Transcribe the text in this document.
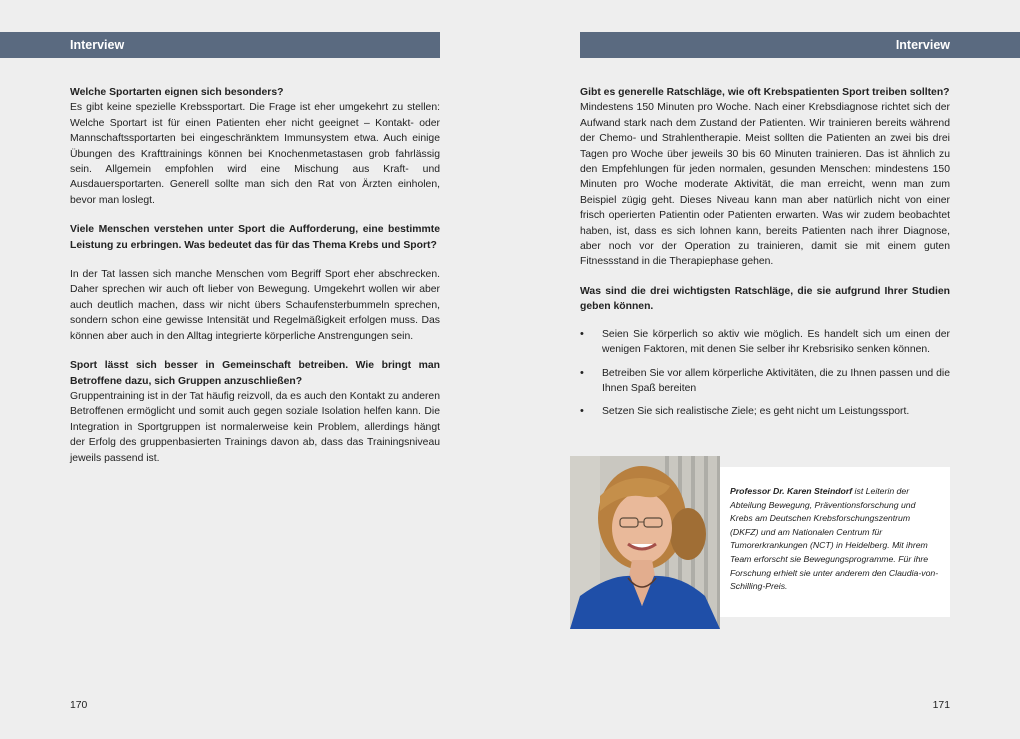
Interview

Welche Sportarten eignen sich besonders?

Es gibt keine spezielle Krebssportart. Die Frage ist eher umgekehrt zu stellen: Welche Sportart ist für einen Patienten eher nicht geeignet – Kontakt- oder Mannschaftssportarten bei eingeschränktem Immunsystem etwa. Auch einige Übungen des Krafttrainings können bei Knochenmetastasen grob fahrlässig sein. Allgemein empfohlen wird eine Mischung aus Kraft- und Ausdauersportarten. Generell sollte man sich den Rat von Ärzten einholen, bevor man loslegt.

Viele Menschen verstehen unter Sport die Aufforderung, eine bestimmte Leistung zu erbringen. Was bedeutet das für das Thema Krebs und Sport?

In der Tat lassen sich manche Menschen vom Begriff Sport eher abschrecken. Daher sprechen wir auch oft lieber von Bewegung. Umgekehrt wollen wir aber auch deutlich machen, dass wir nicht übers Schaufensterbummeln sprechen, sondern schon eine gewisse Intensität und Regelmäßigkeit erfolgen muss. Das können aber auch in den Alltag integrierte körperliche Anstrengungen sein.

Sport lässt sich besser in Gemeinschaft betreiben. Wie bringt man Betroffene dazu, sich Gruppen anzuschließen?

Gruppentraining ist in der Tat häufig reizvoll, da es auch den Kontakt zu anderen Betroffenen ermöglicht und somit auch gegen soziale Isolation helfen kann. Die Integration in Sportgruppen ist normalerweise kein Problem, allerdings hängt der Erfolg des gruppenbasierten Trainings davon ab, dass das Trainingsniveau jeweils passend ist.

170
Interview

Gibt es generelle Ratschläge, wie oft Krebspatienten Sport treiben sollten?

Mindestens 150 Minuten pro Woche. Nach einer Krebsdiagnose richtet sich der Aufwand stark nach dem Zustand der Patienten. Wir trainieren bereits während der Chemo- und Strahlentherapie. Meist sollten die Patienten an zwei bis drei Tagen pro Woche über jeweils 30 bis 60 Minuten trainieren. Das ist ähnlich zu den Empfehlungen für jeden normalen, gesunden Menschen: mindestens 150 Minuten pro Woche moderate Aktivität, die man erreicht, wenn man zum Beispiel zügig geht. Dieses Niveau kann man aber natürlich nicht von einer frisch operierten Patientin oder Patienten erwarten. Was wir zudem beobachtet haben, ist, dass es sich lohnen kann, bereits Patienten nach ihrer Diagnose, aber noch vor der Operation zu trainieren, damit sie mit einem guten Fitnessstand in die Therapiephase gehen.

Was sind die drei wichtigsten Ratschläge, die sie aufgrund Ihrer Studien geben können.

• Seien Sie körperlich so aktiv wie möglich. Es handelt sich um einen der wenigen Faktoren, mit denen Sie selber ihr Krebsrisiko senken können.
• Betreiben Sie vor allem körperliche Aktivitäten, die zu Ihnen passen und die Ihnen Spaß bereiten
• Setzen Sie sich realistische Ziele; es geht nicht um Leistungssport.
Professor Dr. Karen Steindorf ist Leiterin der Abteilung Bewegung, Präventionsforschung und Krebs am Deutschen Krebsforschungszentrum (DKFZ) und am Nationalen Centrum für Tumorerkrankungen (NCT) in Heidelberg. Mit ihrem Team erforscht sie Bewegungsprogramme. Für ihre Forschung erhielt sie unter anderem den Claudia-von-Schilling-Preis.
171
